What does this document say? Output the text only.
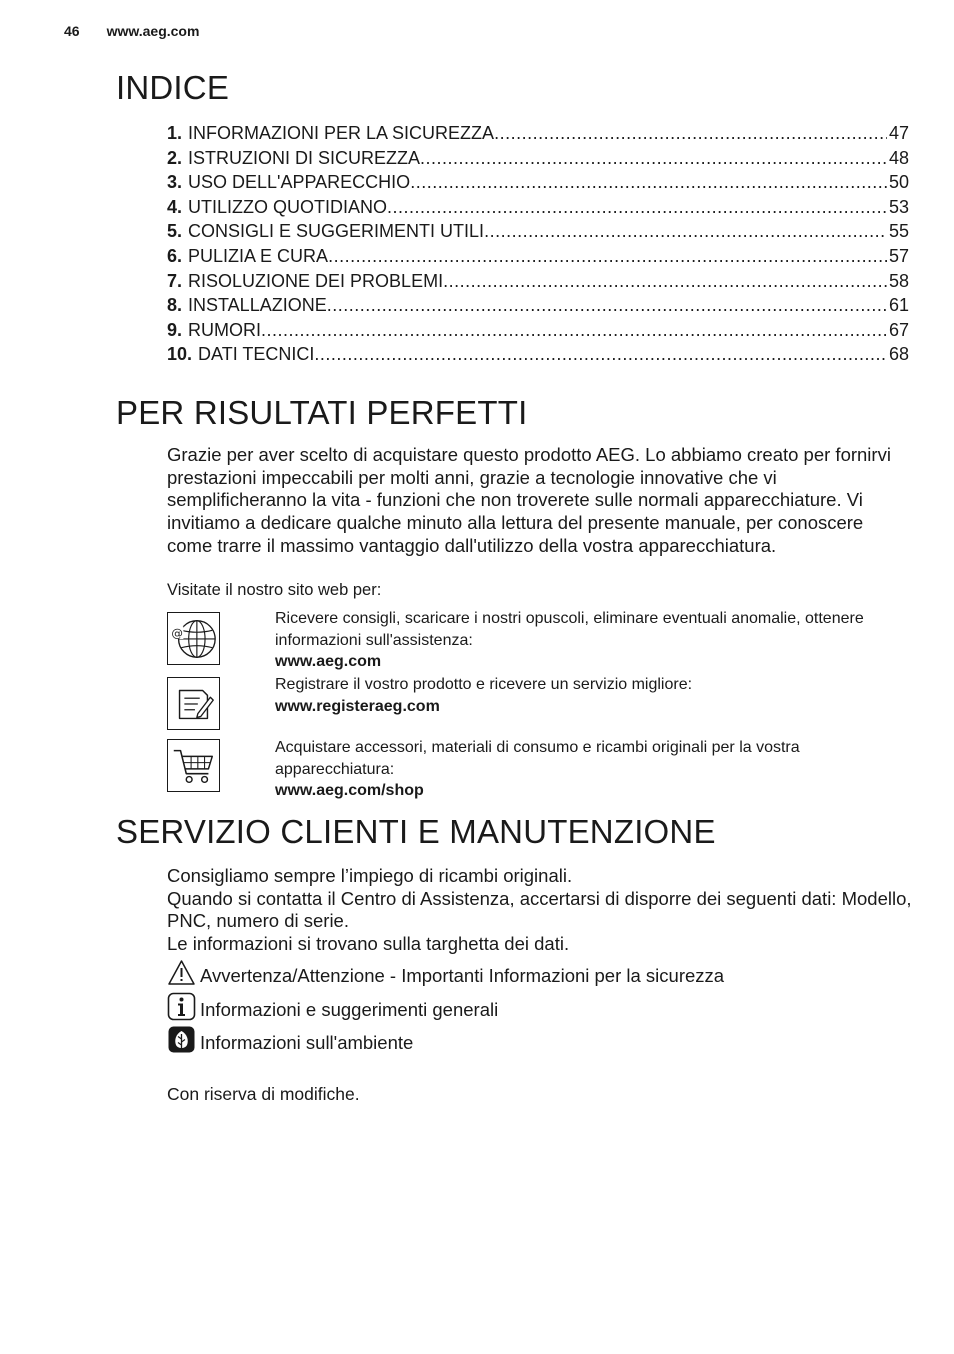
46 www.aeg.com
INDICE
1. INFORMAZIONI PER LA SICUREZZA .....	47
2. ISTRUZIONI DI SICUREZZA .....	48
3. USO DELL'APPARECCHIO .....	50
4. UTILIZZO QUOTIDIANO .....	53
5. CONSIGLI E SUGGERIMENTI UTILI .....	55
6. PULIZIA E CURA .....	57
7. RISOLUZIONE DEI PROBLEMI .....	58
8. INSTALLAZIONE .....	61
9. RUMORI .....	67
10. DATI TECNICI .....	68
PER RISULTATI PERFETTI
Grazie per aver scelto di acquistare questo prodotto AEG. Lo abbiamo creato per fornirvi prestazioni impeccabili per molti anni, grazie a tecnologie innovative che vi semplificheranno la vita - funzioni che non troverete sulle normali apparecchiature. Vi invitiamo a dedicare qualche minuto alla lettura del presente manuale, per conoscere come trarre il massimo vantaggio dall'utilizzo della vostra apparecchiatura.
Visitate il nostro sito web per:
@
Ricevere consigli, scaricare i nostri opuscoli, eliminare eventuali anomalie, ottenere informazioni sull'assistenza:
www.aeg.com
Registrare il vostro prodotto e ricevere un servizio migliore:
www.registeraeg.com
Acquistare accessori, materiali di consumo e ricambi originali per la vostra apparecchiatura:
www.aeg.com/shop
SERVIZIO CLIENTI E MANUTENZIONE
Consigliamo sempre l’impiego di ricambi originali.
Quando si contatta il Centro di Assistenza, accertarsi di disporre dei seguenti dati: Modello, PNC, numero di serie.
Le informazioni si trovano sulla targhetta dei dati.
Avvertenza/Attenzione - Importanti Informazioni per la sicurezza
Informazioni e suggerimenti generali
Informazioni sull'ambiente
Con riserva di modifiche.
